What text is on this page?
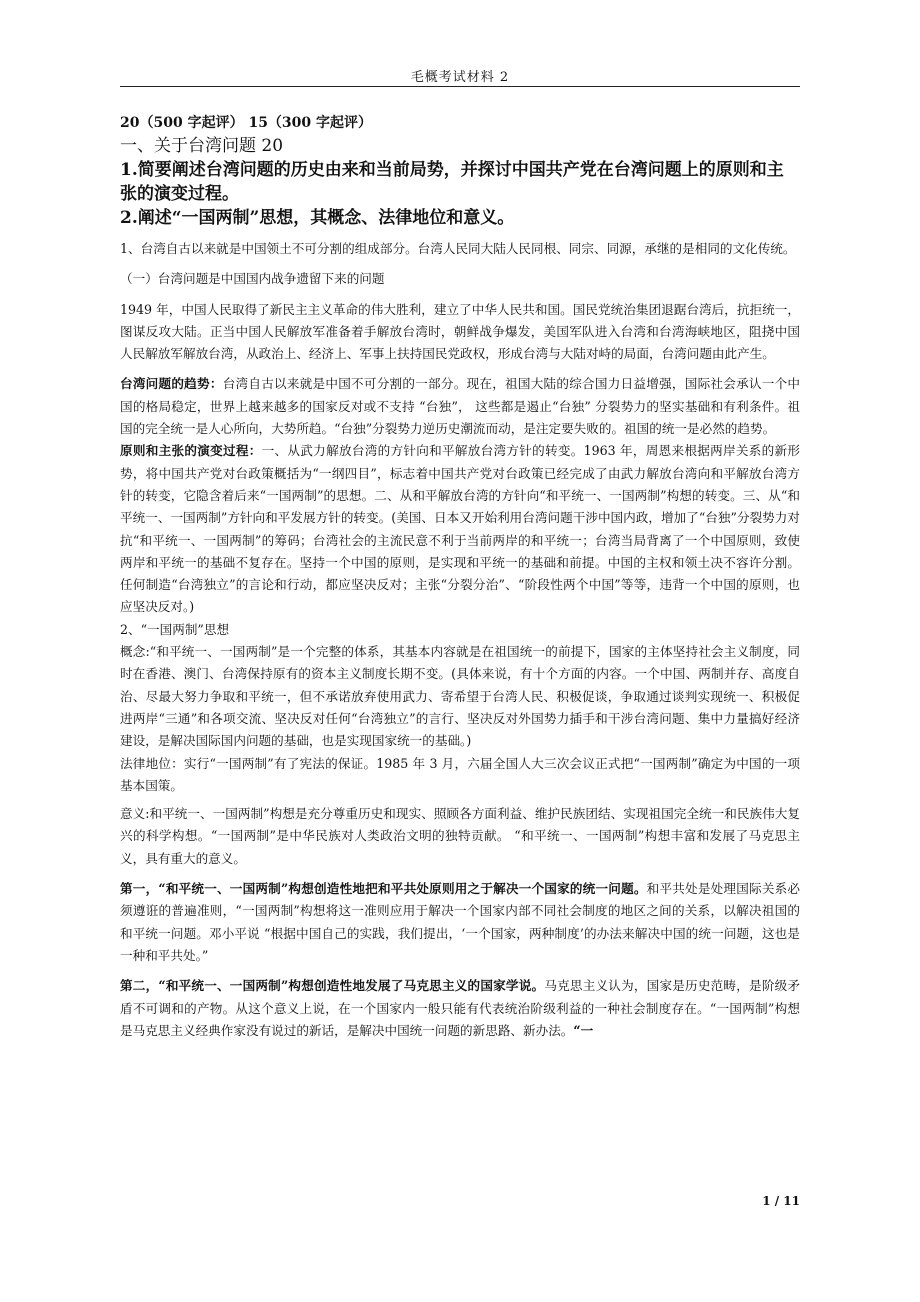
毛概考试材料 2

20（500 字起评） 15（300 字起评）

一、关于台湾问题 20

1.简要阐述台湾问题的历史由来和当前局势，并探讨中国共产党在台湾问题上的原则和主张的演变过程。

2.阐述“一国两制”思想，其概念、法律地位和意义。

1、台湾自古以来就是中国领土不可分割的组成部分。台湾人民同大陆人民同根、同宗、同源，承继的是相同的文化传统。

（一）台湾问题是中国国内战争遗留下来的问题

1949 年，中国人民取得了新民主主义革命的伟大胜利，建立了中华人民共和国。国民党统治集团退踞台湾后，抗拒统一，图谋反攻大陆。正当中国人民解放军准备着手解放台湾时，朝鲜战争爆发，美国军队进入台湾和台湾海峡地区，阻挠中国人民解放军解放台湾，从政治上、经济上、军事上扶持国民党政权，形成台湾与大陆对峙的局面，台湾问题由此产生。

台湾问题的趋势：台湾自古以来就是中国不可分割的一部分。现在，祖国大陆的综合国力日益增强，国际社会承认一个中国的格局稳定，世界上越来越多的国家反对或不支持 “台独”， 这些都是遏止“台独” 分裂势力的坚实基础和有利条件。祖国的完全统一是人心所向，大势所趋。“台独”分裂势力逆历史潮流而动，是注定要失败的。祖国的统一是必然的趋势。

原则和主张的演变过程：一、从武力解放台湾的方针向和平解放台湾方针的转变。1963 年，周恩来根据两岸关系的新形势，将中国共产党对台政策概括为“一纲四目”，标志着中国共产党对台政策已经完成了由武力解放台湾向和平解放台湾方针的转变，它隐含着后来“一国两制”的思想。二、从和平解放台湾的方针向“和平统一、一国两制”构想的转变。三、从“和平统一、一国两制”方针向和平发展方针的转变。(美国、日本又开始利用台湾问题干涉中国内政，增加了“台独”分裂势力对抗“和平统一、一国两制”的筹码；台湾社会的主流民意不利于当前两岸的和平统一；台湾当局背离了一个中国原则，致使两岸和平统一的基础不复存在。坚持一个中国的原则，是实现和平统一的基础和前提。中国的主权和领土决不容许分割。任何制造“台湾独立”的言论和行动，都应坚决反对；主张“分裂分治”、“阶段性两个中国”等等，违背一个中国的原则，也应坚决反对。)

2、“一国两制”思想

概念:“和平统一、一国两制”是一个完整的体系，其基本内容就是在祖国统一的前提下，国家的主体坚持社会主义制度，同时在香港、澳门、台湾保持原有的资本主义制度长期不变。(具体来说，有十个方面的内容。一个中国、两制并存、高度自治、尽最大努力争取和平统一，但不承诺放弃使用武力、寄希望于台湾人民、积极促谈，争取通过谈判实现统一、积极促进两岸“三通”和各项交流、坚决反对任何“台湾独立”的言行、坚决反对外国势力插手和干涉台湾问题、集中力量搞好经济建设，是解决国际国内问题的基础，也是实现国家统一的基础。)

法律地位：实行“一国两制”有了宪法的保证。1985 年 3 月，六届全国人大三次会议正式把“一国两制”确定为中国的一项基本国策。

意义:和平统一、一国两制”构想是充分尊重历史和现实、照顾各方面利益、维护民族团结、实现祖国完全统一和民族伟大复兴的科学构想。“一国两制”是中华民族对人类政治文明的独特贡献。 “和平统一、一国两制”构想丰富和发展了马克思主义，具有重大的意义。

第一，“和平统一、一国两制”构想创造性地把和平共处原则用之于解决一个国家的统一问题。和平共处是处理国际关系必须遵诳的普遍准则，“一国两制”构想将这一准则应用于解决一个国家内部不同社会制度的地区之间的关系，以解决祖国的和平统一问题。邓小平说 “根据中国自己的实践，我们提出，‘一个国家，两种制度’的办法来解决中国的统一问题，这也是一种和平共处。”

第二，“和平统一、一国两制”构想创造性地发展了马克思主义的国家学说。马克思主义认为，国家是历史范畴，是阶级矛盾不可调和的产物。从这个意义上说，在一个国家内一般只能有代表统治阶级利益的一种社会制度存在。“一国两制”构想是马克思主义经典作家没有说过的新话，是解决中国统一问题的新思路、新办法。“一

1 / 11
